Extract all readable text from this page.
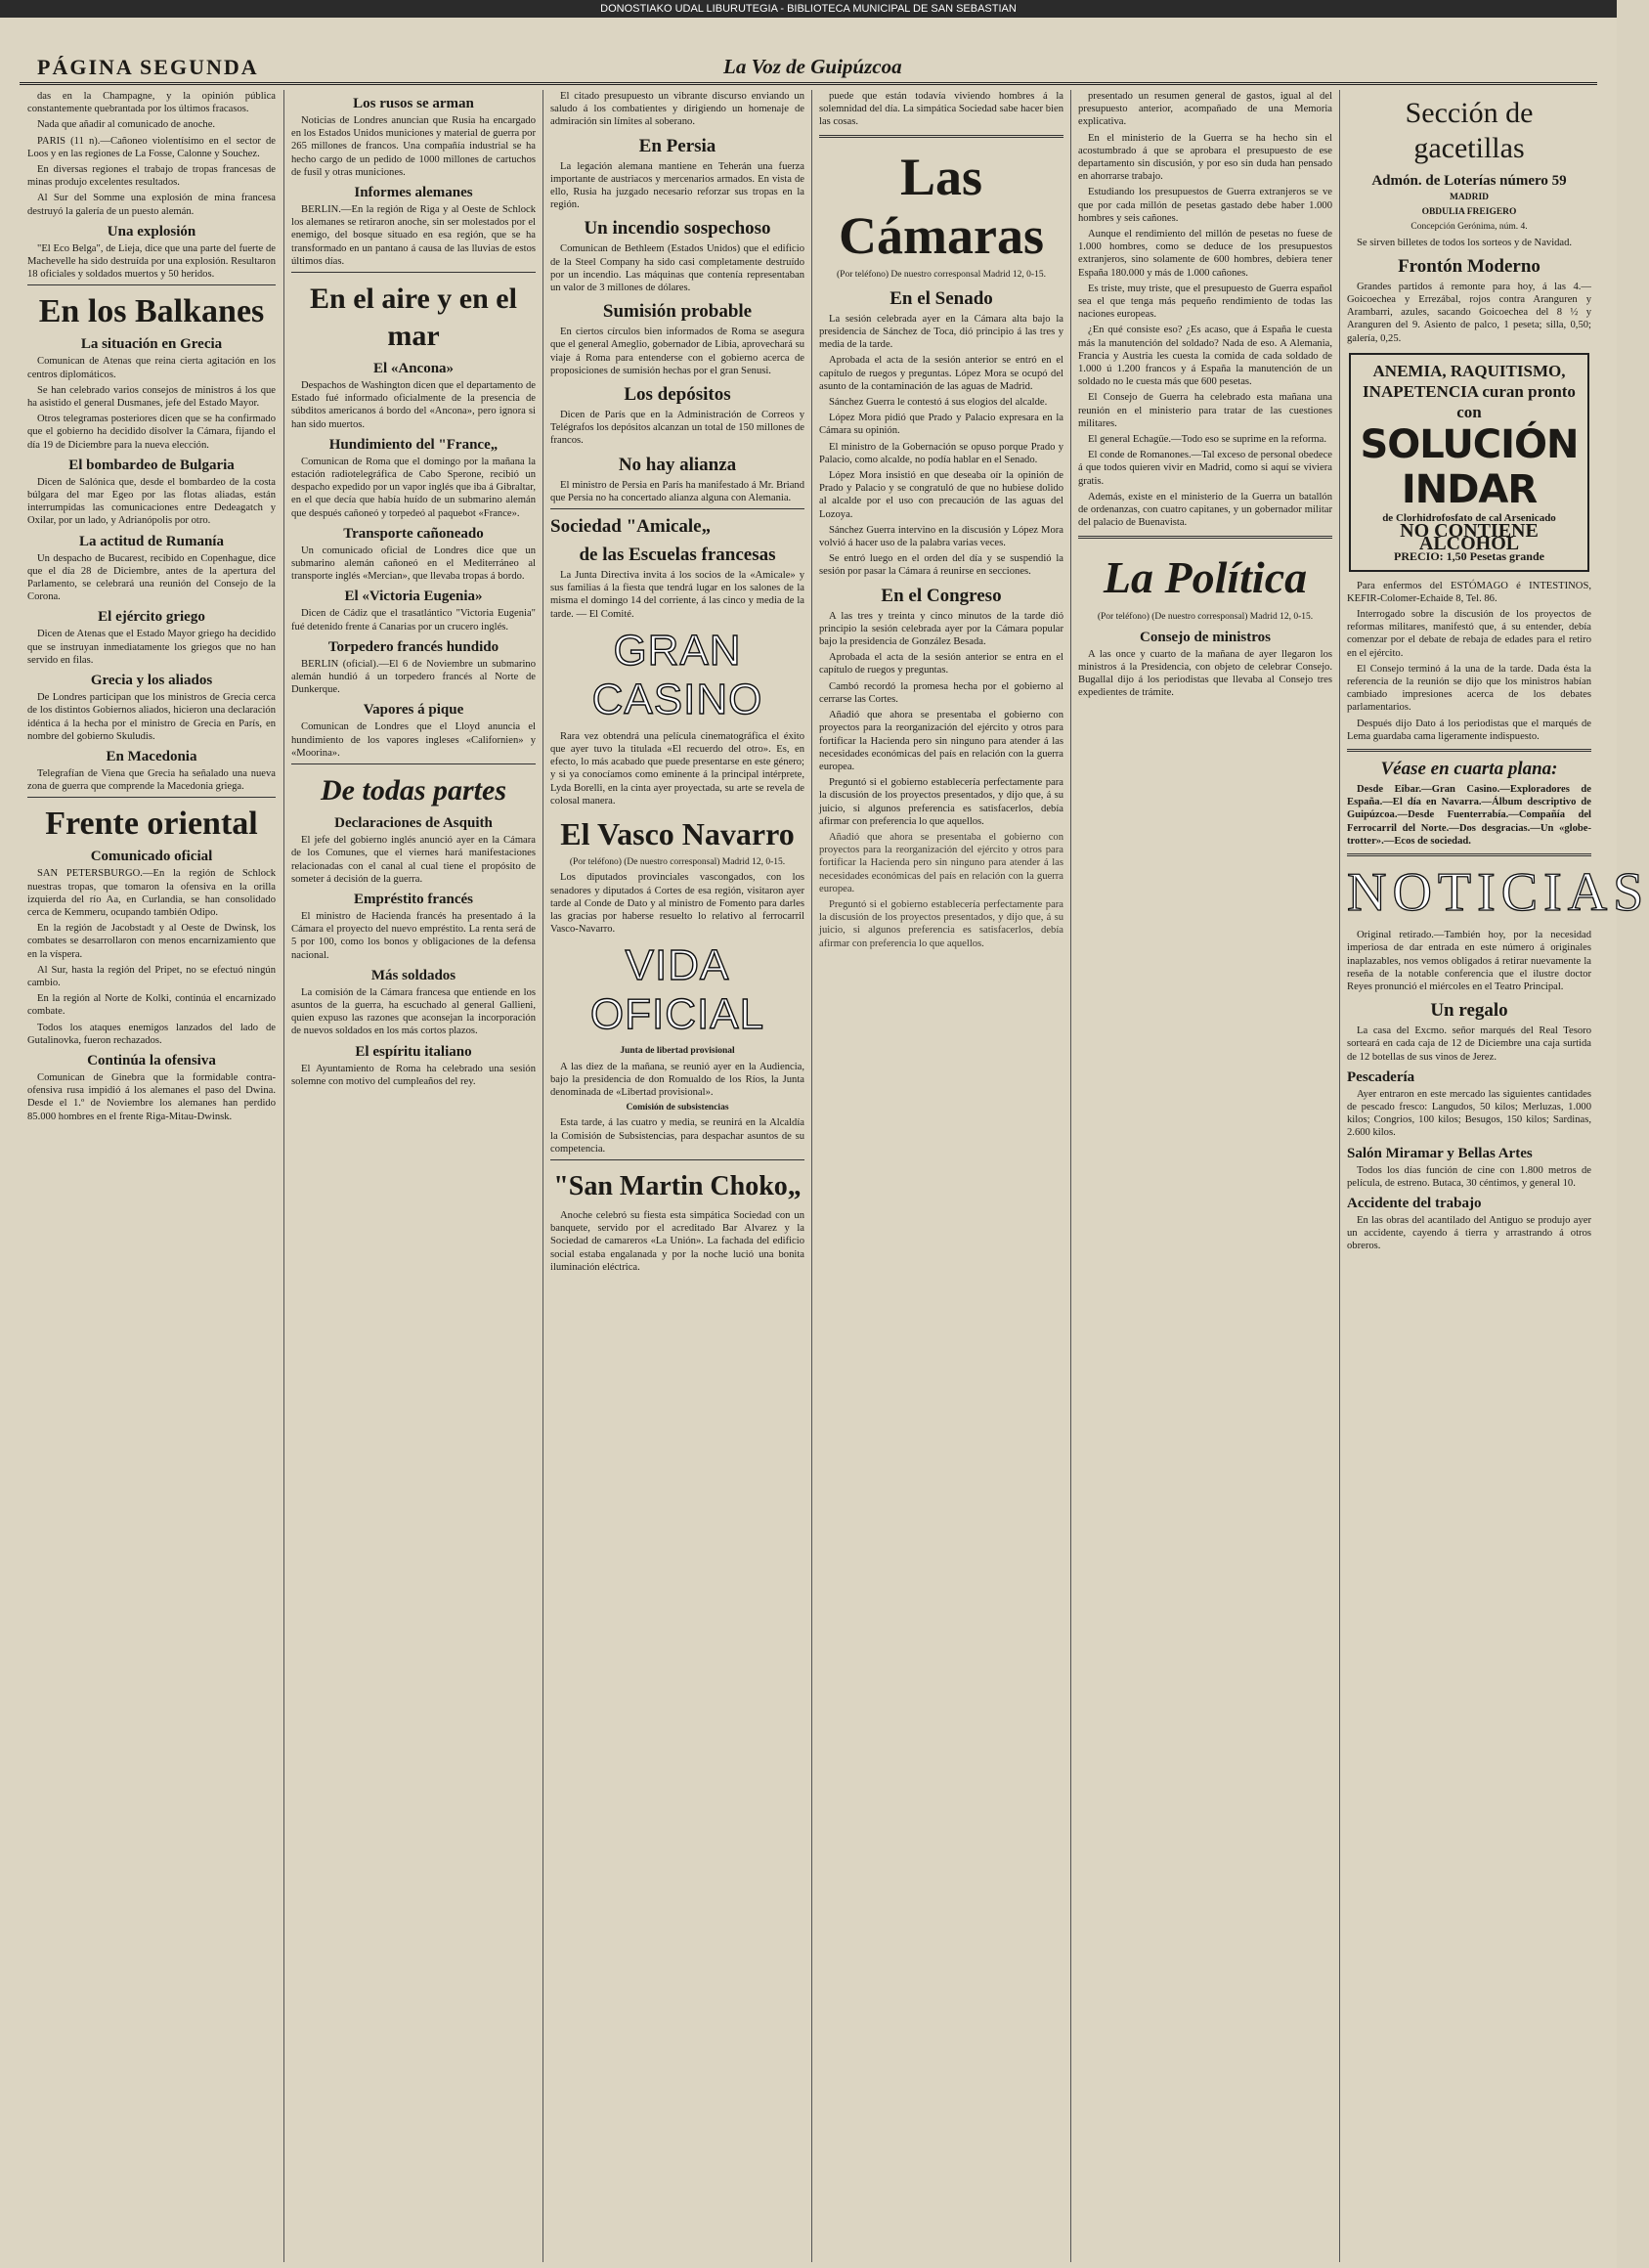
DONOSTIAKO UDAL LIBURUTEGIA - BIBLIOTECA MUNICIPAL DE SAN SEBASTIAN
PÁGINA SEGUNDA	La Voz de Guipúzcoa

das en la Champagne, y la opinión pública constantemente quebrantada por los últimos fracasos.

Nada que añadir al comunicado de anoche.

PARIS (11 n).—Cañoneo violentísimo en el sector de Loos y en las regiones de La Fosse, Calonne y Souchez.

En diversas regiones el trabajo de tropas francesas de minas produjo excelentes resultados.

Al Sur del Somme una explosión de mina francesa destruyó la galería de un puesto alemán.

Una explosión

"El Eco Belga", de Lieja, dice que una parte del fuerte de Machevelle ha sido destruída por una explosión. Resultaron 18 oficiales y soldados muertos y 50 heridos.

En los Balkanes
La situación en Grecia

Comunican de Atenas que reina cierta agitación en los centros diplomáticos.

Se han celebrado varios consejos de ministros á los que ha asistido el general Dusmanes, jefe del Estado Mayor.

Otros telegramas posteriores dicen que se ha confirmado que el gobierno ha decidido disolver la Cámara, fijando el día 19 de Diciembre para la nueva elección.

El bombardeo de Bulgaria

Dicen de Salónica que, desde el bombardeo de la costa búlgara del mar Egeo por las flotas aliadas, están interrumpidas las comunicaciones entre Dedeagatch y Oxilar, por un lado, y Adrianópolis por otro.

La actitud de Rumanía

Un despacho de Bucarest, recibido en Copenhague, dice que el día 28 de Diciembre, antes de la apertura del Parlamento, se celebrará una reunión del Consejo de la Corona.

El ejército griego

Dicen de Atenas que el Estado Mayor griego ha decidido que se instruyan inmediatamente los griegos que no han servido en filas.

Grecia y los aliados

De Londres participan que los ministros de Grecia cerca de los distintos Gobiernos aliados, hicieron una declaración idéntica á la hecha por el ministro de Grecia en París, en nombre del gobierno Skuludis.

En Macedonia

Telegrafían de Viena que Grecia ha señalado una nueva zona de guerra que comprende la Macedonia griega.

Frente oriental
Comunicado oficial

SAN PETERSBURGO.—En la región de Schlock nuestras tropas, que tomaron la ofensiva en la orilla izquierda del río Aa, en Curlandia, se han consolidado cerca de Kemmeru, ocupando también Odipo.

En la región de Jacobstadt y al Oeste de Dwinsk, los combates se desarrollaron con menos encarnizamiento que en la víspera.

Al Sur, hasta la región del Pripet, no se efectuó ningún cambio.

En la región al Norte de Kolki, continúa el encarnizado combate.

Todos los ataques enemigos lanzados del lado de Gutalinovka, fueron rechazados.

Continúa la ofensiva

Comunican de Ginebra que la formidable contra-ofensiva rusa impidió á los alemanes el paso del Dwina. Desde el 1.º de Noviembre los alemanes han perdido 85.000 hombres en el frente Riga-Mitau-Dwinsk.

Los rusos se arman

Noticias de Londres anuncian que Rusia ha encargado en los Estados Unidos municiones y material de guerra por 265 millones de francos. Una compañía industrial se ha hecho cargo de un pedido de 1000 millones de cartuchos de fusil y otras municiones.

Informes alemanes

BERLIN.—En la región de Riga y al Oeste de Schlock los alemanes se retiraron anoche, sin ser molestados por el enemigo, del bosque situado en esa región, que se ha transformado en un pantano á causa de las lluvias de estos últimos días.

En el aire y en el mar
El «Ancona»

Despachos de Washington dicen que el departamento de Estado fué informado oficialmente de la presencia de súbditos americanos á bordo del «Ancona», pero ignora si han sido muertos.

Hundimiento del "France„

Comunican de Roma que el domingo por la mañana la estación radiotelegráfica de Cabo Sperone, recibió un despacho expedido por un vapor inglés que iba á Gibraltar, en el que decía que había huído de un submarino alemán que después cañoneó y torpedeó al paquebot «France».

Transporte cañoneado

Un comunicado oficial de Londres dice que un submarino alemán cañoneó en el Mediterráneo al transporte inglés «Mercian», que llevaba tropas á bordo.

El «Victoria Eugenia»

Dicen de Cádiz que el trasatlántico "Victoria Eugenia" fué detenido frente á Canarias por un crucero inglés.

Torpedero francés hundido

BERLIN (oficial).—El 6 de Noviembre un submarino alemán hundió á un torpedero francés al Norte de Dunkerque.

Vapores á pique

Comunican de Londres que el Lloyd anuncia el hundimiento de los vapores ingleses «Californien» y «Moorina».

De todas partes
Declaraciones de Asquith

El jefe del gobierno inglés anunció ayer en la Cámara de los Comunes, que el viernes hará manifestaciones relacionadas con el canal al cual tiene el propósito de someter á decisión de la guerra.

Empréstito francés

El ministro de Hacienda francés ha presentado á la Cámara el proyecto del nuevo empréstito. La renta será de 5 por 100, como los bonos y obligaciones de la defensa nacional.

Más soldados

La comisión de la Cámara francesa que entiende en los asuntos de la guerra, ha escuchado al general Gallieni, quien expuso las razones que aconsejan la incorporación de nuevos soldados en los más cortos plazos.

El espíritu italiano

El Ayuntamiento de Roma ha celebrado una sesión solemne con motivo del cumpleaños del rey.

El citado presupuesto un vibrante discurso enviando un saludo á los combatientes y dirigiendo un homenaje de admiración sin límites al soberano.

En Persia

La legación alemana mantiene en Teherán una fuerza importante de austriacos y mercenarios armados. En vista de ello, Rusia ha juzgado necesario reforzar sus tropas en la región.

Un incendio sospechoso

Comunican de Bethleem (Estados Unidos) que el edificio de la Steel Company ha sido casi completamente destruído por un incendio. Las máquinas que contenía representaban un valor de 3 millones de dólares.

Sumisión probable

En ciertos círculos bien informados de Roma se asegura que el general Ameglio, gobernador de Libia, aprovechará su viaje á Roma para entenderse con el gobierno acerca de proposiciones de sumisión hechas por el gran Senusi.

Los depósitos

Dicen de París que en la Administración de Correos y Telégrafos los depósitos alcanzan un total de 150 millones de francos.

No hay alianza

El ministro de Persia en París ha manifestado á Mr. Briand que Persia no ha concertado alianza alguna con Alemania.

Sociedad "Amicale„
de las Escuelas francesas

La Junta Directiva invita á los socios de la «Amicale» y sus familias á la fiesta que tendrá lugar en los salones de la misma el domingo 14 del corriente, á las cinco y media de la tarde. — El Comité.

GRAN CASINO

Rara vez obtendrá una película cinematográfica el éxito que ayer tuvo la titulada «El recuerdo del otro». Es, en efecto, lo más acabado que puede presentarse en este género; y si ya conocíamos como eminente á la principal intérprete, Lyda Borelli, en la cinta ayer proyectada, su arte se revela de colosal manera.

El Vasco Navarro
(Por teléfono) (De nuestro corresponsal) Madrid 12, 0-15.

Los diputados provinciales vascongados, con los senadores y diputados á Cortes de esa región, visitaron ayer tarde al Conde de Dato y al ministro de Fomento para darles las gracias por haberse resuelto lo relativo al ferrocarril Vasco-Navarro.

VIDA OFICIAL
Junta de libertad provisional

A las diez de la mañana, se reunió ayer en la Audiencia, bajo la presidencia de don Romualdo de los Ríos, la Junta denominada de «Libertad provisional».

Comisión de subsistencias

Esta tarde, á las cuatro y media, se reunirá en la Alcaldía la Comisión de Subsistencias, para despachar asuntos de su competencia.

"San Martin Choko„

Anoche celebró su fiesta esta simpática Sociedad con un banquete, servido por el acreditado Bar Alvarez y la Sociedad de camareros «La Unión». La fachada del edificio social estaba engalanada y por la noche lució una bonita iluminación eléctrica.

puede que están todavía viviendo hombres á la solemnidad del día. La simpática Sociedad sabe hacer bien las cosas.

Las Cámaras
(Por teléfono) De nuestro corresponsal Madrid 12, 0-15.
En el Senado

La sesión celebrada ayer en la Cámara alta bajo la presidencia de Sánchez de Toca, dió principio á las tres y media de la tarde.

Aprobada el acta de la sesión anterior se entró en el capítulo de ruegos y preguntas. López Mora se ocupó del asunto de la contaminación de las aguas de Madrid.

Sánchez Guerra le contestó á sus elogios del alcalde.

López Mora pidió que Prado y Palacio expresara en la Cámara su opinión.

El ministro de la Gobernación se opuso porque Prado y Palacio, como alcalde, no podía hablar en el Senado.

López Mora insistió en que deseaba oír la opinión de Prado y Palacio y se congratuló de que no hubiese dolido al alcalde por el uso con precaución de las aguas del Lozoya.

Sánchez Guerra intervino en la discusión y López Mora volvió á hacer uso de la palabra varias veces.

Se entró luego en el orden del día y se suspendió la sesión por pasar la Cámara á reunirse en secciones.

En el Congreso

A las tres y treinta y cinco minutos de la tarde dió principio la sesión celebrada ayer por la Cámara popular bajo la presidencia de González Besada.

Aprobada el acta de la sesión anterior se entra en el capítulo de ruegos y preguntas.

Cambó recordó la promesa hecha por el gobierno al cerrarse las Cortes.

Añadió que ahora se presentaba el gobierno con proyectos para la reorganización del ejército y otros para fortificar la Hacienda pero sin ninguno para atender á las necesidades económicas del país en relación con la guerra europea.

Preguntó si el gobierno establecería perfectamente para la discusión de los proyectos presentados, y dijo que, á su juicio, si algunos preferencia es satisfacerlos, debía afirmar con preferencia lo que aquellos.

Añadió que ahora se presentaba el gobierno con proyectos para la reorganización del ejército y otros para fortificar la Hacienda pero sin ninguno para atender á las necesidades económicas del país en relación con la guerra europea.

Preguntó si el gobierno establecería perfectamente para la discusión de los proyectos presentados, y dijo que, á su juicio, si algunos preferencia es satisfacerlos, debía afirmar con preferencia lo que aquellos.

presentado un resumen general de gastos, igual al del presupuesto anterior, acompañado de una Memoria explicativa.

En el ministerio de la Guerra se ha hecho sin el acostumbrado á que se aprobara el presupuesto de ese departamento sin discusión, y por eso sin duda han pensado en ahorrarse trabajo.

Estudiando los presupuestos de Guerra extranjeros se ve que por cada millón de pesetas gastado debe haber 1.000 hombres y seis cañones.

Aunque el rendimiento del millón de pesetas no fuese de 1.000 hombres, como se deduce de los presupuestos extranjeros, sino solamente de 600 hombres, debiera tener España 180.000 y más de 1.000 cañones.

Es triste, muy triste, que el presupuesto de Guerra español sea el que tenga más pequeño rendimiento de todas las naciones europeas.

¿En qué consiste eso? ¿Es acaso, que á España le cuesta más la manutención del soldado? Nada de eso. A Alemania, Francia y Austria les cuesta la comida de cada soldado de 1.000 ú 1.200 francos y á España la manutención de un soldado no le cuesta más que 600 pesetas.

El Consejo de Guerra ha celebrado esta mañana una reunión en el ministerio para tratar de las cuestiones militares.

El general Echagüe.—Todo eso se suprime en la reforma.

El conde de Romanones.—Tal exceso de personal obedece á que todos quieren vivir en Madrid, como si aquí se viviera gratis.

Además, existe en el ministerio de la Guerra un batallón de ordenanzas, con cuatro capitanes, y un gobernador militar del palacio de Buenavista.

La Política
(Por teléfono) (De nuestro corresponsal) Madrid 12, 0-15.
Consejo de ministros

A las once y cuarto de la mañana de ayer llegaron los ministros á la Presidencia, con objeto de celebrar Consejo. Bugallal dijo á los periodistas que llevaba al Consejo tres expedientes de trámite.

Sección de gacetillas
Admón. de Loterías número 59
MADRID
OBDULIA FREIGERO
Concepción Gerónima, núm. 4.

Se sirven billetes de todos los sorteos y de Navidad.

Frontón Moderno

Grandes partidos á remonte para hoy, á las 4.—Goicoechea y Errezábal, rojos contra Aranguren y Arambarri, azules, sacando Goicoechea del 8 ½ y Aranguren del 9. Asiento de palco, 1 peseta; silla, 0,50; galería, 0,25.

ANEMIA, RAQUITISMO, INAPETENCIA curan pronto con
SOLUCIÓN INDAR
de Clorhidrofosfato de cal Arsenicado
NO CONTIENE ALCOHOL
PRECIO: 1,50 Pesetas grande

Para enfermos del ESTÓMAGO é INTESTINOS, KEFIR-Colomer-Echaide 8, Tel. 86.

Interrogado sobre la discusión de los proyectos de reformas militares, manifestó que, á su entender, debía comenzar por el debate de rebaja de edades para el retiro en el ejército.

El Consejo terminó á la una de la tarde. Dada ésta la referencia de la reunión se dijo que los ministros habían cambiado impresiones acerca de los debates parlamentarios.

Después dijo Dato á los periodistas que el marqués de Lema guardaba cama ligeramente indispuesto.

Véase en cuarta plana:

Desde Eibar.—Gran Casino.—Exploradores de España.—El día en Navarra.—Álbum descriptivo de Guipúzcoa.—Desde Fuenterrabía.—Compañía del Ferrocarril del Norte.—Dos desgracias.—Un «globe-trotter».—Ecos de sociedad.

NOTICIAS

Original retirado.—También hoy, por la necesidad imperiosa de dar entrada en este número á originales inaplazables, nos vemos obligados á retirar nuevamente la reseña de la notable conferencia que el ilustre doctor Reyes pronunció el miércoles en el Teatro Principal.

Un regalo

La casa del Excmo. señor marqués del Real Tesoro sorteará en cada caja de 12 de Diciembre una caja surtida de 12 botellas de sus vinos de Jerez.

Pescadería

Ayer entraron en este mercado las siguientes cantidades de pescado fresco: Langudos, 50 kilos; Merluzas, 1.000 kilos; Congrios, 100 kilos; Besugos, 150 kilos; Sardinas, 2.600 kilos.

Salón Miramar y Bellas Artes

Todos los días función de cine con 1.800 metros de película, de estreno. Butaca, 30 céntimos, y general 10.

Accidente del trabajo

En las obras del acantilado del Antiguo se produjo ayer un accidente, cayendo á tierra y arrastrando á otros obreros.
